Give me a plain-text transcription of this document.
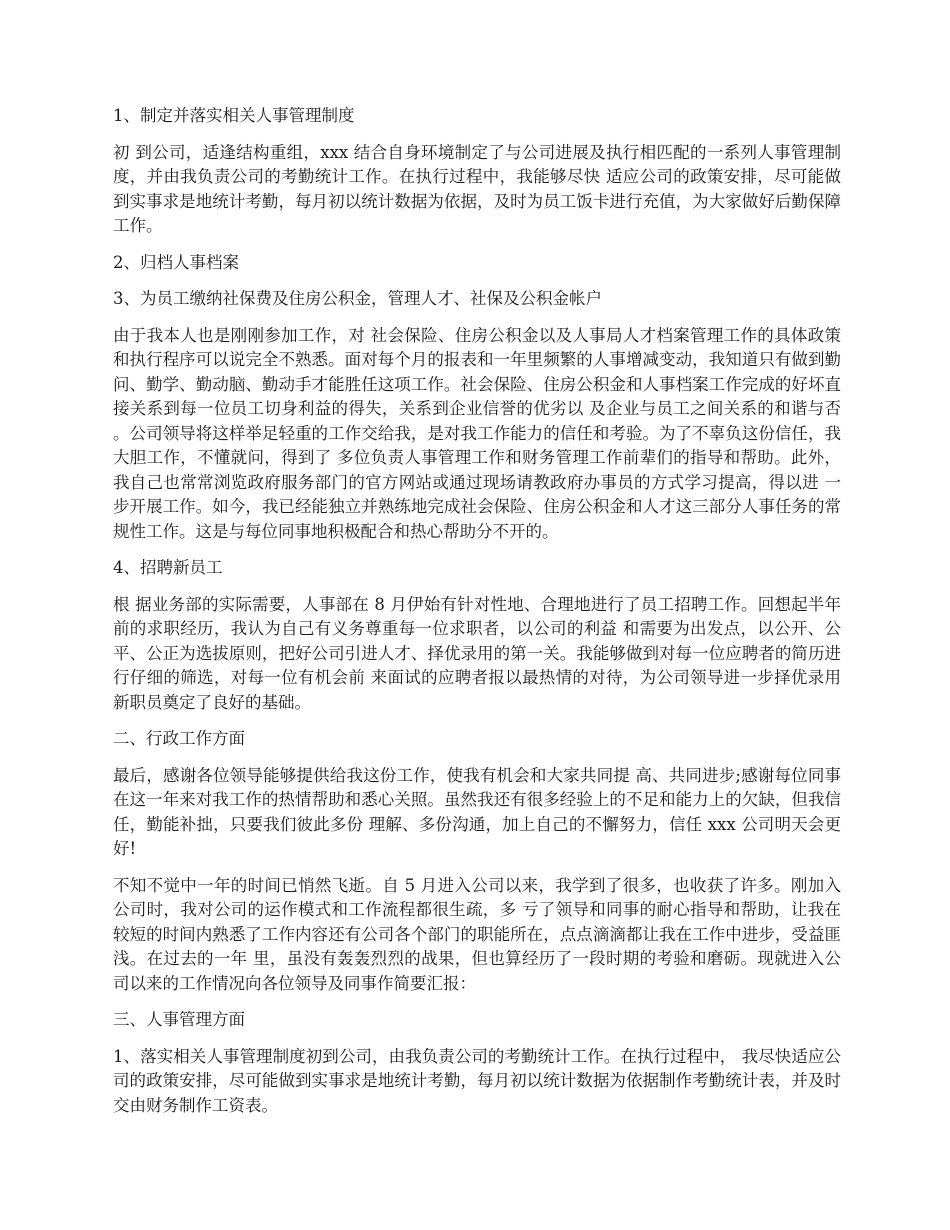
1、制定并落实相关人事管理制度
初 到公司，适逢结构重组，xxx 结合自身环境制定了与公司进展及执行相匹配的一系列人事管理制度，并由我负责公司的考勤统计工作。在执行过程中，我能够尽快 适应公司的政策安排，尽可能做到实事求是地统计考勤，每月初以统计数据为依据，及时为员工饭卡进行充值，为大家做好后勤保障工作。
2、归档人事档案
3、为员工缴纳社保费及住房公积金，管理人才、社保及公积金帐户
由于我本人也是刚刚参加工作，对 社会保险、住房公积金以及人事局人才档案管理工作的具体政策和执行程序可以说完全不熟悉。面对每个月的报表和一年里频繁的人事增减变动，我知道只有做到勤 问、勤学、勤动脑、勤动手才能胜任这项工作。社会保险、住房公积金和人事档案工作完成的好坏直接关系到每一位员工切身利益的得失，关系到企业信誉的优劣以 及企业与员工之间关系的和谐与否。公司领导将这样举足轻重的工作交给我，是对我工作能力的信任和考验。为了不辜负这份信任，我大胆工作，不懂就问，得到了 多位负责人事管理工作和财务管理工作前辈们的指导和帮助。此外，我自己也常常浏览政府服务部门的官方网站或通过现场请教政府办事员的方式学习提高，得以进 一步开展工作。如今，我已经能独立并熟练地完成社会保险、住房公积金和人才这三部分人事任务的常规性工作。这是与每位同事地积极配合和热心帮助分不开的。
4、招聘新员工
根 据业务部的实际需要，人事部在 8 月伊始有针对性地、合理地进行了员工招聘工作。回想起半年前的求职经历，我认为自己有义务尊重每一位求职者，以公司的利益 和需要为出发点，以公开、公平、公正为选拔原则，把好公司引进人才、择优录用的第一关。我能够做到对每一位应聘者的简历进行仔细的筛选，对每一位有机会前 来面试的应聘者报以最热情的对待，为公司领导进一步择优录用新职员奠定了良好的基础。
二、行政工作方面
最后，感谢各位领导能够提供给我这份工作，使我有机会和大家共同提 高、共同进步;感谢每位同事在这一年来对我工作的热情帮助和悉心关照。虽然我还有很多经验上的不足和能力上的欠缺，但我信任，勤能补拙，只要我们彼此多份 理解、多份沟通，加上自己的不懈努力，信任 xxx 公司明天会更好!
不知不觉中一年的时间已悄然飞逝。自 5 月进入公司以来，我学到了很多，也收获了许多。刚加入公司时，我对公司的运作模式和工作流程都很生疏，多 亏了领导和同事的耐心指导和帮助，让我在较短的时间内熟悉了工作内容还有公司各个部门的职能所在，点点滴滴都让我在工作中进步，受益匪浅。在过去的一年 里，虽没有轰轰烈烈的战果，但也算经历了一段时期的考验和磨砺。现就进入公司以来的工作情况向各位领导及同事作简要汇报：
三、人事管理方面
1、落实相关人事管理制度初到公司，由我负责公司的考勤统计工作。在执行过程中， 我尽快适应公司的政策安排，尽可能做到实事求是地统计考勤，每月初以统计数据为依据制作考勤统计表，并及时交由财务制作工资表。
